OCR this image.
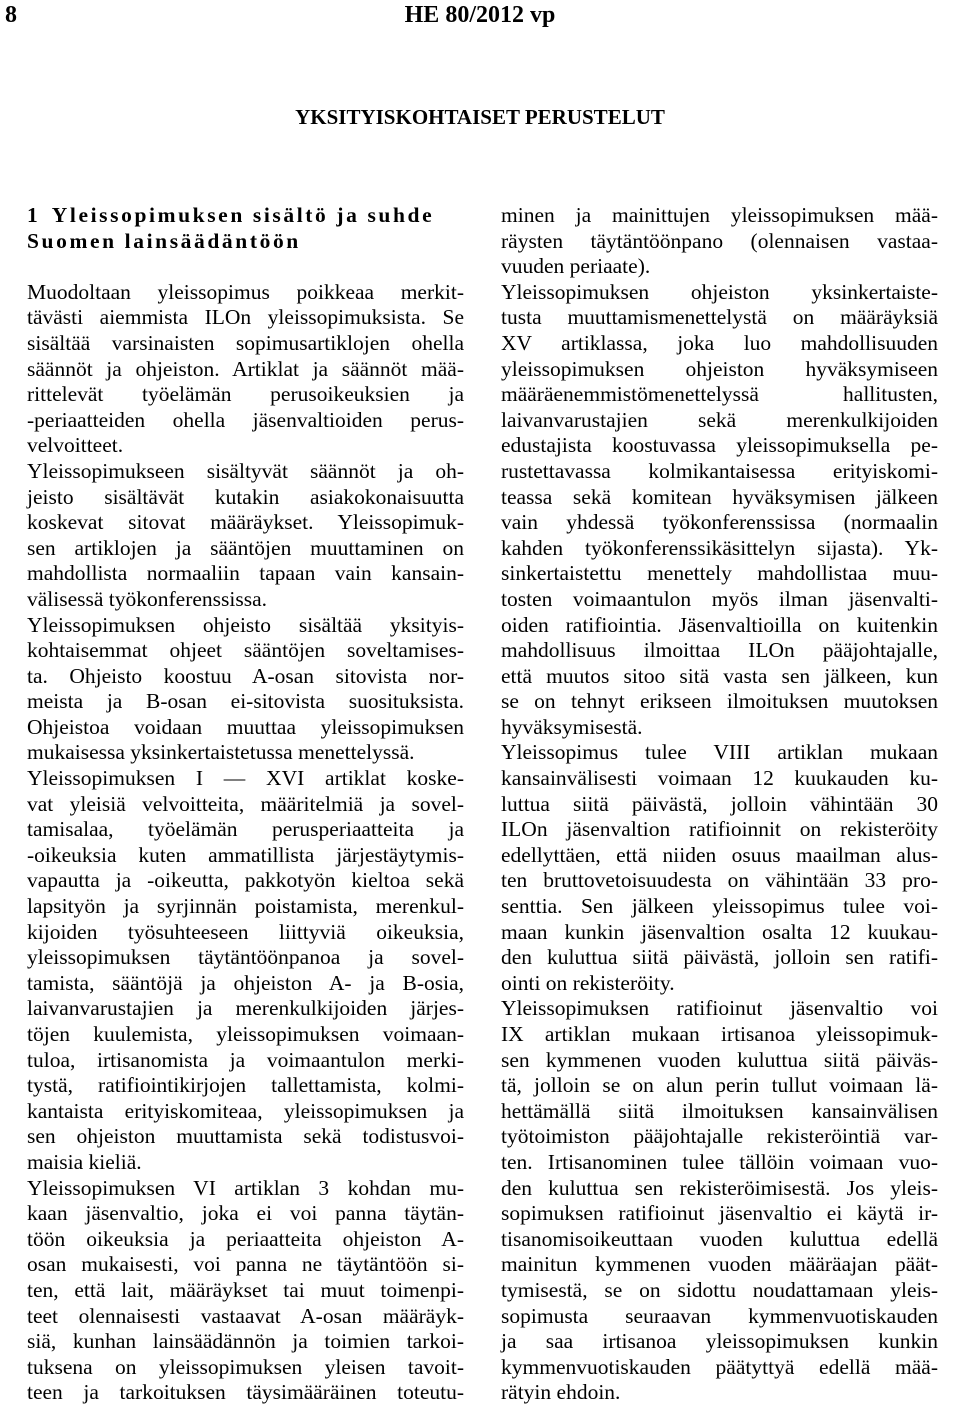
8	HE 80/2012 vp
YKSITYISKOHTAISET PERUSTELUT
1 Yleissopimuksen sisältö ja suhde
Suomen lainsäädäntöön
Muodoltaan yleissopimus poikkeaa merkit-
tävästi aiemmista ILOn yleissopimuksista. Se
sisältää varsinaisten sopimusartiklojen ohella
säännöt ja ohjeiston. Artiklat ja säännöt mää-
rittelevät työelämän perusoikeuksien ja
-periaatteiden ohella jäsenvaltioiden perus-
velvoitteet.
Yleissopimukseen sisältyvät säännöt ja oh-
jeisto sisältävät kutakin asiakokonaisuutta
koskevat sitovat määräykset. Yleissopimuk-
sen artiklojen ja sääntöjen muuttaminen on
mahdollista normaaliin tapaan vain kansain-
välisessä työkonferenssissa.
Yleissopimuksen ohjeisto sisältää yksityis-
kohtaisemmat ohjeet sääntöjen soveltamises-
ta. Ohjeisto koostuu A-osan sitovista nor-
meista ja B-osan ei-sitovista suosituksista.
Ohjeistoa voidaan muuttaa yleissopimuksen
mukaisessa yksinkertaistetussa menettelyssä.
Yleissopimuksen I — XVI artiklat koske-
vat yleisiä velvoitteita, määritelmiä ja sovel-
tamisalaa, työelämän perusperiaatteita ja
-oikeuksia kuten ammatillista järjestäytymis-
vapautta ja -oikeutta, pakkotyön kieltoa sekä
lapsityön ja syrjinnän poistamista, merenkul-
kijoiden työsuhteeseen liittyviä oikeuksia,
yleissopimuksen täytäntöönpanoa ja sovel-
tamista, sääntöjä ja ohjeiston A- ja B-osia,
laivanvarustajien ja merenkulkijoiden järjes-
töjen kuulemista, yleissopimuksen voimaan-
tuloa, irtisanomista ja voimaantulon merki-
tystä, ratifiointikirjojen tallettamista, kolmi-
kantaista erityiskomiteaa, yleissopimuksen ja
sen ohjeiston muuttamista sekä todistusvoi-
maisia kieliä.
Yleissopimuksen VI artiklan 3 kohdan mu-
kaan jäsenvaltio, joka ei voi panna täytän-
töön oikeuksia ja periaatteita ohjeiston A-
osan mukaisesti, voi panna ne täytäntöön si-
ten, että lait, määräykset tai muut toimenpi-
teet olennaisesti vastaavat A-osan määräyk-
siä, kunhan lainsäädännön ja toimien tarkoi-
tuksena on yleissopimuksen yleisen tavoit-
teen ja tarkoituksen täysimääräinen toteutu-
minen ja mainittujen yleissopimuksen mää-
räysten täytäntöönpano (olennaisen vastaa-
vuuden periaate).
Yleissopimuksen ohjeiston yksinkertaiste-
tusta muuttamismenettelystä on määräyksiä
XV artiklassa, joka luo mahdollisuuden
yleissopimuksen ohjeiston hyväksymiseen
määräenemmistömenettelyssä hallitusten,
laivanvarustajien sekä merenkulkijoiden
edustajista koostuvassa yleissopimuksella pe-
rustettavassa kolmikantaisessa erityiskomi-
teassa sekä komitean hyväksymisen jälkeen
vain yhdessä työkonferenssissa (normaalin
kahden työkonferenssikäsittelyn sijasta). Yk-
sinkertaistettu menettely mahdollistaa muu-
tosten voimaantulon myös ilman jäsenvalti-
oiden ratifiointia. Jäsenvaltioilla on kuitenkin
mahdollisuus ilmoittaa ILOn pääjohtajalle,
että muutos sitoo sitä vasta sen jälkeen, kun
se on tehnyt erikseen ilmoituksen muutoksen
hyväksymisestä.
Yleissopimus tulee VIII artiklan mukaan
kansainvälisesti voimaan 12 kuukauden ku-
luttua siitä päivästä, jolloin vähintään 30
ILOn jäsenvaltion ratifioinnit on rekisteröity
edellyttäen, että niiden osuus maailman alus-
ten bruttovetoisuudesta on vähintään 33 pro-
senttia. Sen jälkeen yleissopimus tulee voi-
maan kunkin jäsenvaltion osalta 12 kuukau-
den kuluttua siitä päivästä, jolloin sen ratifi-
ointi on rekisteröity.
Yleissopimuksen ratifioinut jäsenvaltio voi
IX artiklan mukaan irtisanoa yleissopimuk-
sen kymmenen vuoden kuluttua siitä päiväs-
tä, jolloin se on alun perin tullut voimaan lä-
hettämällä siitä ilmoituksen kansainvälisen
työtoimiston pääjohtajalle rekisteröintiä var-
ten. Irtisanominen tulee tällöin voimaan vuo-
den kuluttua sen rekisteröimisestä. Jos yleis-
sopimuksen ratifioinut jäsenvaltio ei käytä ir-
tisanomisoikeuttaan vuoden kuluttua edellä
mainitun kymmenen vuoden määräajan päät-
tymisestä, se on sidottu noudattamaan yleis-
sopimusta seuraavan kymmenvuotiskauden
ja saa irtisanoa yleissopimuksen kunkin
kymmenvuotiskauden päätyttyä edellä mää-
rätyin ehdoin.
